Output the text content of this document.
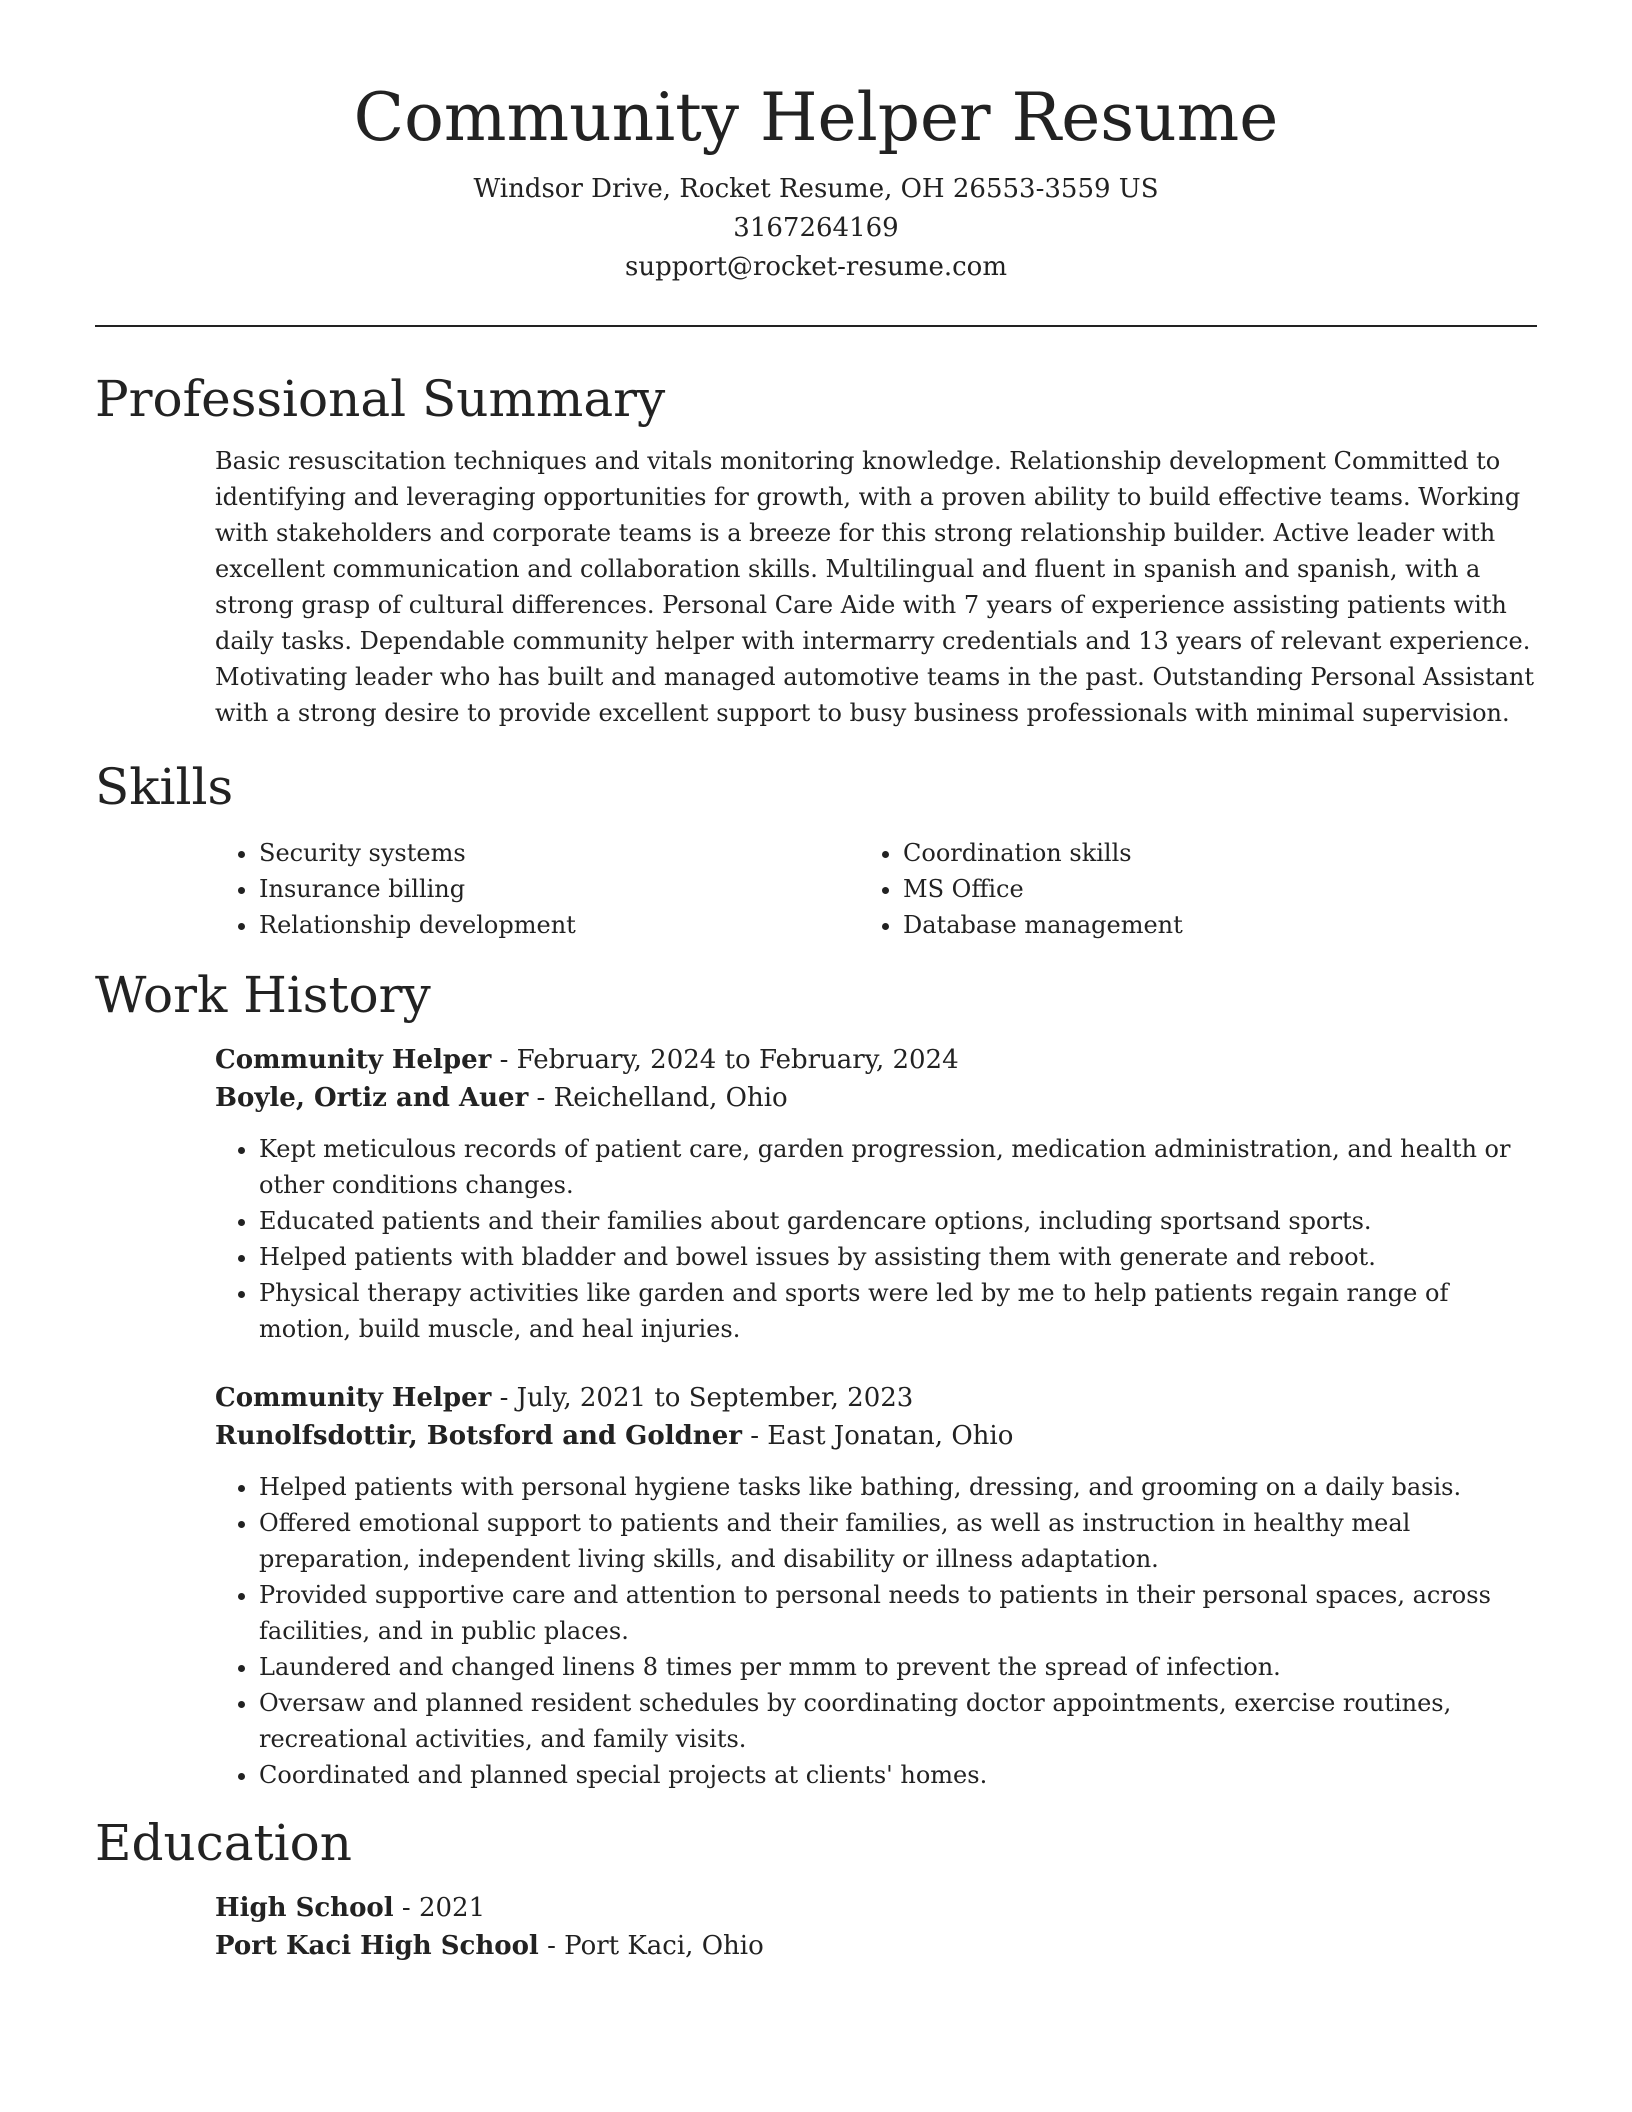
Community Helper Resume

Windsor Drive, Rocket Resume, OH 26553-3559 US

3167264169

support@rocket-resume.com

Professional Summary

Basic resuscitation techniques and vitals monitoring knowledge. Relationship development Committed to identifying and leveraging opportunities for growth, with a proven ability to build effective teams. Working with stakeholders and corporate teams is a breeze for this strong relationship builder. Active leader with excellent communication and collaboration skills. Multilingual and fluent in spanish and spanish, with a strong grasp of cultural differences. Personal Care Aide with 7 years of experience assisting patients with daily tasks. Dependable community helper with intermarry credentials and 13 years of relevant experience. Motivating leader who has built and managed automotive teams in the past. Outstanding Personal Assistant with a strong desire to provide excellent support to busy business professionals with minimal supervision.

Skills
• Security systems
• Insurance billing
• Relationship development
• Coordination skills
• MS Office
• Database management
Work History

Community Helper - February, 2024 to February, 2024

Boyle, Ortiz and Auer - Reichelland, Ohio

• Kept meticulous records of patient care, garden progression, medication administration, and health or other conditions changes.
• Educated patients and their families about gardencare options, including sportsand sports.
• Helped patients with bladder and bowel issues by assisting them with generate and reboot.
• Physical therapy activities like garden and sports were led by me to help patients regain range of motion, build muscle, and heal injuries.

Community Helper - July, 2021 to September, 2023

Runolfsdottir, Botsford and Goldner - East Jonatan, Ohio

• Helped patients with personal hygiene tasks like bathing, dressing, and grooming on a daily basis.
• Offered emotional support to patients and their families, as well as instruction in healthy meal preparation, independent living skills, and disability or illness adaptation.
• Provided supportive care and attention to personal needs to patients in their personal spaces, across facilities, and in public places.
• Laundered and changed linens 8 times per mmm to prevent the spread of infection.
• Oversaw and planned resident schedules by coordinating doctor appointments, exercise routines, recreational activities, and family visits.
• Coordinated and planned special projects at clients' homes.
Education

High School - 2021

Port Kaci High School - Port Kaci, Ohio
